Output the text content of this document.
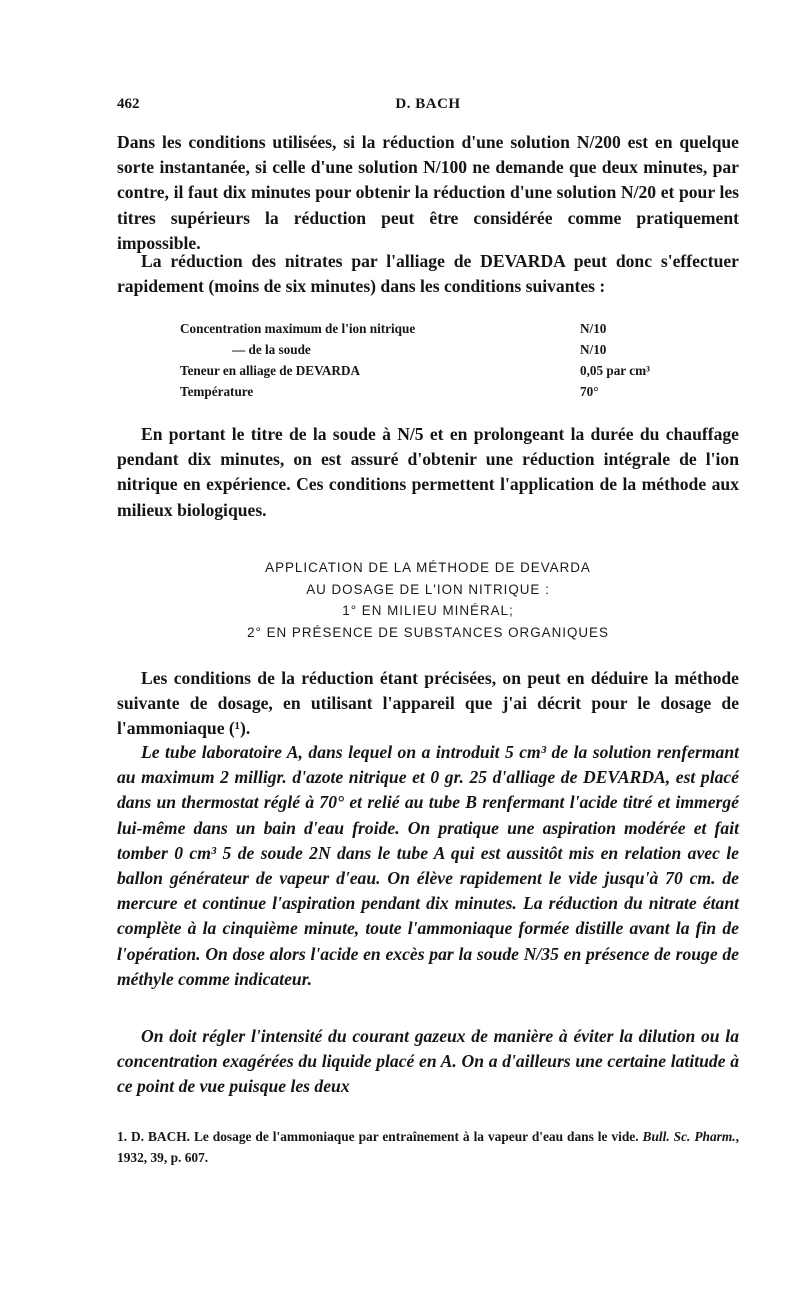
462	D. BACH

Dans les conditions utilisées, si la réduction d'une solution N/200 est en quelque sorte instantanée, si celle d'une solution N/100 ne demande que deux minutes, par contre, il faut dix minutes pour obtenir la réduction d'une solution N/20 et pour les titres supérieurs la réduction peut être considérée comme pratiquement impossible.

La réduction des nitrates par l'alliage de DEVARDA peut donc s'effectuer rapidement (moins de six minutes) dans les conditions suivantes :

Concentration maximum de l'ion nitrique	N/10
— de la soude	N/10
Teneur en alliage de DEVARDA	0,05 par cm³
Température	70°

En portant le titre de la soude à N/5 et en prolongeant la durée du chauffage pendant dix minutes, on est assuré d'obtenir une réduction intégrale de l'ion nitrique en expérience. Ces conditions permettent l'application de la méthode aux milieux biologiques.

APPLICATION DE LA MÉTHODE DE DEVARDA
AU DOSAGE DE L'ION NITRIQUE :
1° EN MILIEU MINÉRAL;
2° EN PRÉSENCE DE SUBSTANCES ORGANIQUES

Les conditions de la réduction étant précisées, on peut en déduire la méthode suivante de dosage, en utilisant l'appareil que j'ai décrit pour le dosage de l'ammoniaque (¹).

Le tube laboratoire A, dans lequel on a introduit 5 cm³ de la solution renfermant au maximum 2 milligr. d'azote nitrique et 0 gr. 25 d'alliage de DEVARDA, est placé dans un thermostat réglé à 70° et relié au tube B renfermant l'acide titré et immergé lui-même dans un bain d'eau froide. On pratique une aspiration modérée et fait tomber 0 cm³ 5 de soude 2N dans le tube A qui est aussitôt mis en relation avec le ballon générateur de vapeur d'eau. On élève rapidement le vide jusqu'à 70 cm. de mercure et continue l'aspiration pendant dix minutes. La réduction du nitrate étant complète à la cinquième minute, toute l'ammoniaque formée distille avant la fin de l'opération. On dose alors l'acide en excès par la soude N/35 en présence de rouge de méthyle comme indicateur.

On doit régler l'intensité du courant gazeux de manière à éviter la dilution ou la concentration exagérées du liquide placé en A. On a d'ailleurs une certaine latitude à ce point de vue puisque les deux

1. D. BACH. Le dosage de l'ammoniaque par entraînement à la vapeur d'eau dans le vide. Bull. Sc. Pharm., 1932, 39, p. 607.
